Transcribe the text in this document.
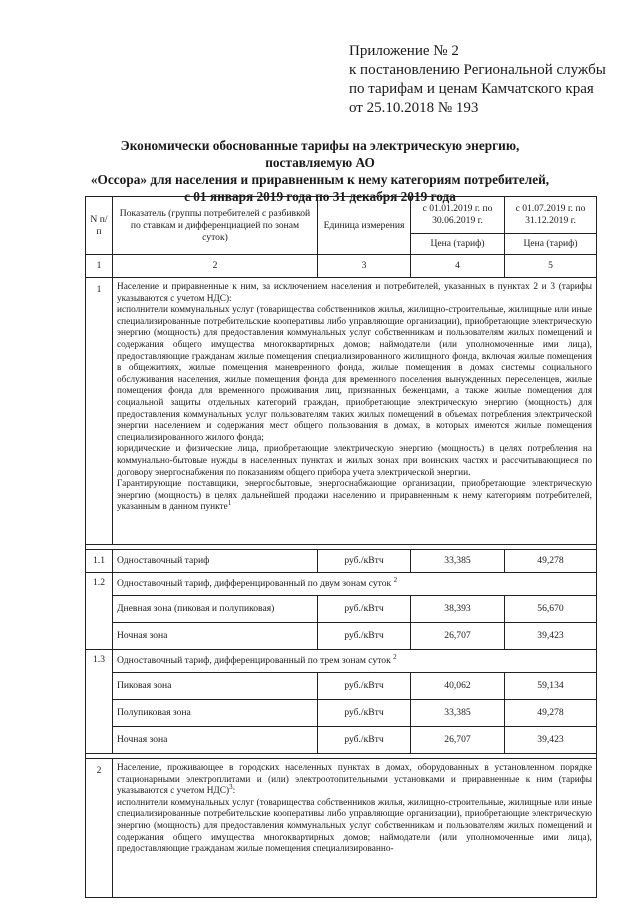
Приложение № 2
к постановлению Региональной службы
по тарифам и ценам Камчатского края
от 25.10.2018 № 193
Экономически обоснованные тарифы на электрическую энергию, поставляемую АО
«Оссора» для населения и приравненным к нему категориям потребителей,
с 01 января 2019 года по 31 декабря 2019 года
N п/п	Показатель (группы потребителей с разбивкой по ставкам и дифференциацией по зонам суток)	Единица измерения	с 01.01.2019 г. по 30.06.2019 г.	с 01.07.2019 г. по 31.12.2019 г.
			Цена (тариф)	Цена (тариф)
1	2	3	4	5
1	Население и приравненные к ним, за исключением населения и потребителей, указанных в пунктах 2 и 3 (тарифы указываются с учетом НДС):

исполнители коммунальных услуг (товарищества собственников жилья, жилищно-строительные, жилищные или иные специализированные потребительские кооперативы либо управляющие организации), приобретающие электрическую энергию (мощность) для предоставления коммунальных услуг собственникам и пользователям жилых помещений и содержания общего имущества многоквартирных домов; наймодатели (или уполномоченные ими лица), предоставляющие гражданам жилые помещения специализированного жилищного фонда, включая жилые помещения в общежитиях, жилые помещения маневренного фонда, жилые помещения в домах системы социального обслуживания населения, жилые помещения фонда для временного поселения вынужденных переселенцев, жилые помещения фонда для временного проживания лиц, признанных беженцами, а также жилые помещения для социальной защиты отдельных категорий граждан, приобретающие электрическую энергию (мощность) для предоставления коммунальных услуг пользователям таких жилых помещений в объемах потребления электрической энергии населением и содержания мест общего пользования в домах, в которых имеются жилые помещения специализированного жилого фонда;

юридические и физические лица, приобретающие электрическую энергию (мощность) в целях потребления на коммунально-бытовые нужды в населенных пунктах и жилых зонах при воинских частях и рассчитывающиеся по договору энергоснабжения по показаниям общего прибора учета электрической энергии.

Гарантирующие поставщики, энергосбытовые, энергоснабжающие организации, приобретающие электрическую энергию (мощность) в целях дальнейшей продажи населению и приравненным к нему категориям потребителей, указанным в данном пункте$^1$

1.1	Одноставочный тариф	руб./кВтч	33,385	49,278
1.2	Одноставочный тариф, дифференцированный по двум зонам суток $^2$
	Дневная зона (пиковая и полупиковая)	руб./кВтч	38,393	56,670
	Ночная зона	руб./кВтч	26,707	39,423
1.3	Одноставочный тариф, дифференцированный по трем зонам суток $^2$
	Пиковая зона	руб./кВтч	40,062	59,134
	Полупиковая зона	руб./кВтч	33,385	49,278
	Ночная зона	руб./кВтч	26,707	39,423

2	Население, проживающее в городских населенных пунктах в домах, оборудованных в установленном порядке стационарными электроплитами и (или) электроотопительными установками и приравненные к ним (тарифы указываются с учетом НДС)$^3$:

исполнители коммунальных услуг (товарищества собственников жилья, жилищно-строительные, жилищные или иные специализированные потребительские кооперативы либо управляющие организации), приобретающие электрическую энергию (мощность) для предоставления коммунальных услуг собственникам и пользователям жилых помещений и содержания общего имущества многоквартирных домов; наймодатели (или уполномоченные ими лица), предоставляющие гражданам жилые помещения специализированно-			
